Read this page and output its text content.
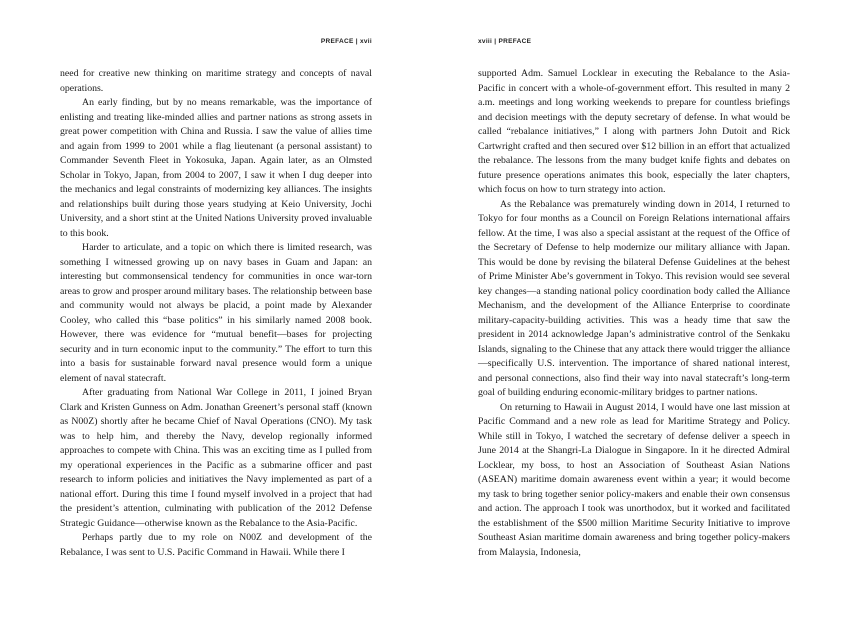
PREFACE | xvii

need for creative new thinking on maritime strategy and concepts of naval operations.

An early finding, but by no means remarkable, was the importance of enlisting and treating like-minded allies and partner nations as strong assets in great power competition with China and Russia. I saw the value of allies time and again from 1999 to 2001 while a flag lieutenant (a personal assistant) to Commander Seventh Fleet in Yokosuka, Japan. Again later, as an Olmsted Scholar in Tokyo, Japan, from 2004 to 2007, I saw it when I dug deeper into the mechanics and legal constraints of modernizing key alliances. The insights and relationships built during those years studying at Keio University, Jochi University, and a short stint at the United Nations University proved invaluable to this book.

Harder to articulate, and a topic on which there is limited research, was something I witnessed growing up on navy bases in Guam and Japan: an interesting but commonsensical tendency for communities in once war-torn areas to grow and prosper around military bases. The relationship between base and community would not always be placid, a point made by Alexander Cooley, who called this “base politics” in his similarly named 2008 book. However, there was evidence for “mutual benefit—bases for projecting security and in turn economic input to the community.” The effort to turn this into a basis for sustainable forward naval presence would form a unique element of naval statecraft.

After graduating from National War College in 2011, I joined Bryan Clark and Kristen Gunness on Adm. Jonathan Greenert’s personal staff (known as N00Z) shortly after he became Chief of Naval Operations (CNO). My task was to help him, and thereby the Navy, develop regionally informed approaches to compete with China. This was an exciting time as I pulled from my operational experiences in the Pacific as a submarine officer and past research to inform policies and initiatives the Navy implemented as part of a national effort. During this time I found myself involved in a project that had the president’s attention, culminating with publication of the 2012 Defense Strategic Guidance—otherwise known as the Rebalance to the Asia-Pacific.

Perhaps partly due to my role on N00Z and development of the Rebalance, I was sent to U.S. Pacific Command in Hawaii. While there I

xviii | PREFACE

supported Adm. Samuel Locklear in executing the Rebalance to the Asia-Pacific in concert with a whole-of-government effort. This resulted in many 2 a.m. meetings and long working weekends to prepare for countless briefings and decision meetings with the deputy secretary of defense. In what would be called “rebalance initiatives,” I along with partners John Dutoit and Rick Cartwright crafted and then secured over $12 billion in an effort that actualized the rebalance. The lessons from the many budget knife fights and debates on future presence operations animates this book, especially the later chapters, which focus on how to turn strategy into action.

As the Rebalance was prematurely winding down in 2014, I returned to Tokyo for four months as a Council on Foreign Relations international affairs fellow. At the time, I was also a special assistant at the request of the Office of the Secretary of Defense to help modernize our military alliance with Japan. This would be done by revising the bilateral Defense Guidelines at the behest of Prime Minister Abe’s government in Tokyo. This revision would see several key changes—a standing national policy coordination body called the Alliance Mechanism, and the development of the Alliance Enterprise to coordinate military-capacity-building activities. This was a heady time that saw the president in 2014 acknowledge Japan’s administrative control of the Senkaku Islands, signaling to the Chinese that any attack there would trigger the alliance—specifically U.S. intervention. The importance of shared national interest, and personal connections, also find their way into naval statecraft’s long-term goal of building enduring economic-military bridges to partner nations.

On returning to Hawaii in August 2014, I would have one last mission at Pacific Command and a new role as lead for Maritime Strategy and Policy. While still in Tokyo, I watched the secretary of defense deliver a speech in June 2014 at the Shangri-La Dialogue in Singapore. In it he directed Admiral Locklear, my boss, to host an Association of Southeast Asian Nations (ASEAN) maritime domain awareness event within a year; it would become my task to bring together senior policy-makers and enable their own consensus and action. The approach I took was unorthodox, but it worked and facilitated the establishment of the $500 million Maritime Security Initiative to improve Southeast Asian maritime domain awareness and bring together policy-makers from Malaysia, Indonesia,
